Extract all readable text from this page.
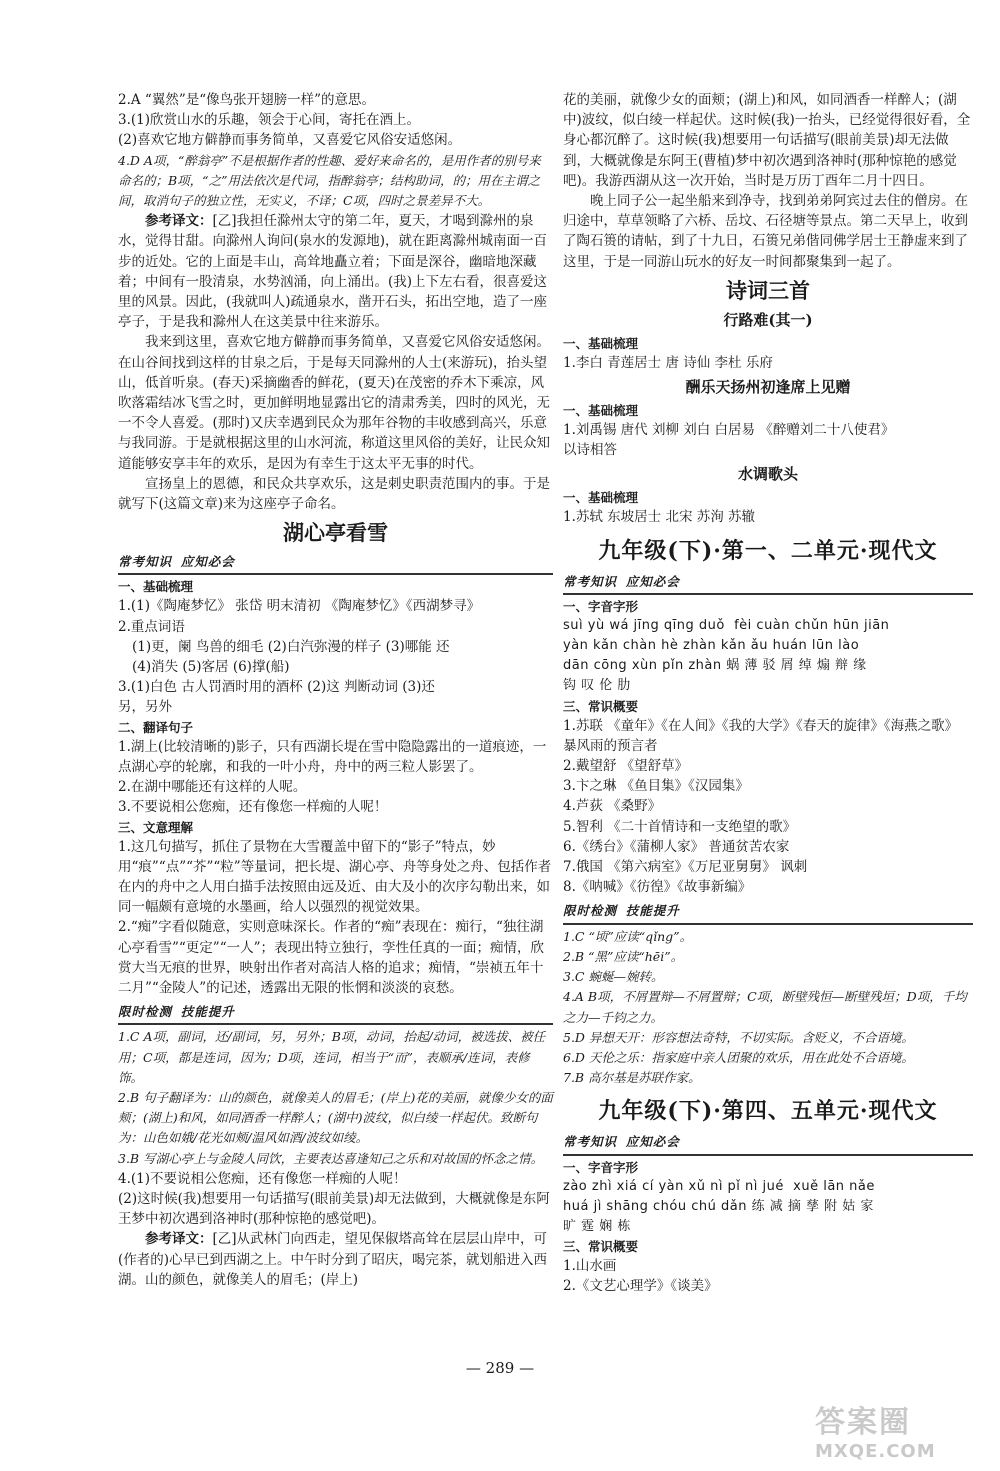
2.A “翼然”是“像鸟张开翅膀一样”的意思。
3.(1)欣赏山水的乐趣，领会于心间，寄托在酒上。
(2)喜欢它地方僻静而事务简单，又喜爱它风俗安适悠闲。

4.D A项，“醉翁亭”不是根据作者的性趣、爱好来命名的，是用作者的别号来命名的；B项，“之”用法依次是代词，指醉翁亭；结构助词，的；用在主谓之间，取消句子的独立性，无实义，不译；C项，四时之景差异不大。

参考译文：[乙]我担任滁州太守的第二年，夏天，才喝到滁州的泉水，觉得甘甜。向滁州人询问(泉水的发源地)，就在距离滁州城南面一百步的近处。它的上面是丰山，高耸地矗立着；下面是深谷，幽暗地深藏着；中间有一股清泉，水势汹涌，向上涌出。(我)上下左右看，很喜爱这里的风景。因此，(我就叫人)疏通泉水，凿开石头，拓出空地，造了一座亭子，于是我和滁州人在这美景中往来游乐。

我来到这里，喜欢它地方僻静而事务简单，又喜爱它风俗安适悠闲。在山谷间找到这样的甘泉之后，于是每天同滁州的人士(来游玩)，抬头望山，低首听泉。(春天)采摘幽香的鲜花，(夏天)在茂密的乔木下乘凉，风吹落霜结冰飞雪之时，更加鲜明地显露出它的清肃秀美，四时的风光，无一不令人喜爱。(那时)又庆幸遇到民众为那年谷物的丰收感到高兴，乐意与我同游。于是就根据这里的山水河流，称道这里风俗的美好，让民众知道能够安享丰年的欢乐，是因为有幸生于这太平无事的时代。

宣扬皇上的恩德，和民众共享欢乐，这是刺史职责范围内的事。于是就写下(这篇文章)来为这座亭子命名。

湖心亭看雪
常考知识 应知必会
一、基础梳理

1.(1)《陶庵梦忆》 张岱 明末清初 《陶庵梦忆》《西湖梦寻》
2.重点词语

(1)更，阑 鸟兽的细毛 (2)白汽弥漫的样子 (3)哪能 还
(4)消失 (5)客居 (6)撑(船)

3.(1)白色 古人罚酒时用的酒杯 (2)这 判断动词 (3)还
另，另外

二、翻译句子

1.湖上(比较清晰的)影子，只有西湖长堤在雪中隐隐露出的一道痕迹，一点湖心亭的轮廓，和我的一叶小舟，舟中的两三粒人影罢了。
2.在湖中哪能还有这样的人呢。
3.不要说相公您痴，还有像您一样痴的人呢！

三、文意理解

1.这几句描写，抓住了景物在大雪覆盖中留下的“影子”特点，妙用“痕”“点”“芥”“粒”等量词，把长堤、湖心亭、舟等身处之舟、包括作者在内的舟中之人用白描手法按照由远及近、由大及小的次序勾勒出来，如同一幅颇有意境的水墨画，给人以强烈的视觉效果。
2.“痴”字看似随意，实则意味深长。作者的“痴”表现在：痴行，“独往湖心亭看雪”“更定”“一人”；表现出特立独行，孪性任真的一面；痴情，欣赏大当无痕的世界，映射出作者对高洁人格的追求；痴情，“崇祯五年十二月”“金陵人”的记述，透露出无限的怅惘和淡淡的哀愁。

限时检测 技能提升

1.C A项，副词，还/副词，另，另外；B项，动词，抬起/动词，被选拔、被任用；C项，都是连词，因为；D项，连词，相当于“而”，表顺承/连词，表修饰。

2.B 句子翻译为：山的颜色，就像美人的眉毛；(岸上)花的美丽，就像少女的面颊；(湖上)和风，如同酒香一样醉人；(湖中)波纹，似白绫一样起伏。致断句为：山色如娥/花光如颊/温风如酒/波纹如绫。

3.B 写湖心亭上与金陵人同饮，主要表达喜逢知己之乐和对故国的怀念之情。

4.(1)不要说相公您痴，还有像您一样痴的人呢！
(2)这时候(我)想要用一句话描写(眼前美景)却无法做到，大概就像是东阿王梦中初次遇到洛神时(那种惊艳的感觉吧)。

参考译文：[乙]从武林门向西走，望见保俶塔高耸在层层山岸中，可(作者的)心早已到西湖之上。中午时分到了昭庆，喝完茶，就划船进入西湖。山的颜色，就像美人的眉毛；(岸上)

花的美丽，就像少女的面颊；(湖上)和风，如同酒香一样醉人；(湖中)波纹，似白绫一样起伏。这时候(我)一抬头，已经觉得很好看，全身心都沉醉了。这时候(我)想要用一句话描写(眼前美景)却无法做到，大概就像是东阿王(曹植)梦中初次遇到洛神时(那种惊艳的感觉吧)。我游西湖从这一次开始，当时是万历丁酉年二月十四日。

晚上同子公一起坐船来到净寺，找到弟弟阿宾过去住的僧房。在归途中，草草领略了六桥、岳坟、石径塘等景点。第二天早上，收到了陶石篑的请帖，到了十九日，石篑兄弟偕同佛学居士王静虚来到了这里，于是一同游山玩水的好友一时间都聚集到一起了。

诗词三首
行路难(其一)
一、基础梳理

1.李白 青莲居士 唐 诗仙 李杜 乐府

酬乐天扬州初逢席上见赠
一、基础梳理

1.刘禹锡 唐代 刘柳 刘白 白居易 《醉赠刘二十八使君》
以诗相答

水调歌头
一、基础梳理

1.苏轼 东坡居士 北宋 苏洵 苏辙

九年级(下)·第一、二单元·现代文
常考知识 应知必会
一、字音字形

suì yù wá jīng qīng duǒ  fèi cuàn chǔn hūn jiān

yàn kǎn chàn hè zhàn kǎn ǎu huán lūn lào

dān cōng xùn pǐn zhàn 蜗 薄 驳 屑 绰 煽 辩 缘

钩 叹 伦 肋

三、常识概要

1.苏联 《童年》《在人间》《我的大学》《春天的旋律》《海燕之歌》 暴风雨的预言者
2.戴望舒 《望舒草》
3.卞之琳 《鱼目集》《汉园集》
4.芦荻 《桑野》
5.智利 《二十首情诗和一支绝望的歌》
6.《绣台》《蒲柳人家》 普通贫苦农家
7.俄国 《第六病室》《万尼亚舅舅》 讽刺
8.《呐喊》《彷徨》《故事新编》

限时检测 技能提升

1.C “顷”应读“qǐng”。

2.B “黑”应读“hēi”。

3.C 蜿蜒—婉转。

4.A B项，不屑置辩—不屑置辩；C项，断壁残恒—断壁残垣；D项，千均之力—千钧之力。

5.D 异想天开：形容想法奇特，不切实际。含贬义，不合语境。

6.D 天伦之乐：指家庭中亲人团聚的欢乐，用在此处不合语境。

7.B 高尔基是苏联作家。

九年级(下)·第四、五单元·现代文
常考知识 应知必会
一、字音字形

zào zhì xiá cí yàn xǔ nì pǐ nì jué  xuě lān nǎe

huá jì shāng chóu chú dǎn 练 减 摘 孳 附 姑 家

旷 霆 娴 栋

三、常识概要

1.山水画
2.《文艺心理学》《谈美》

— 289 —
答案圈
MXQE.COM
